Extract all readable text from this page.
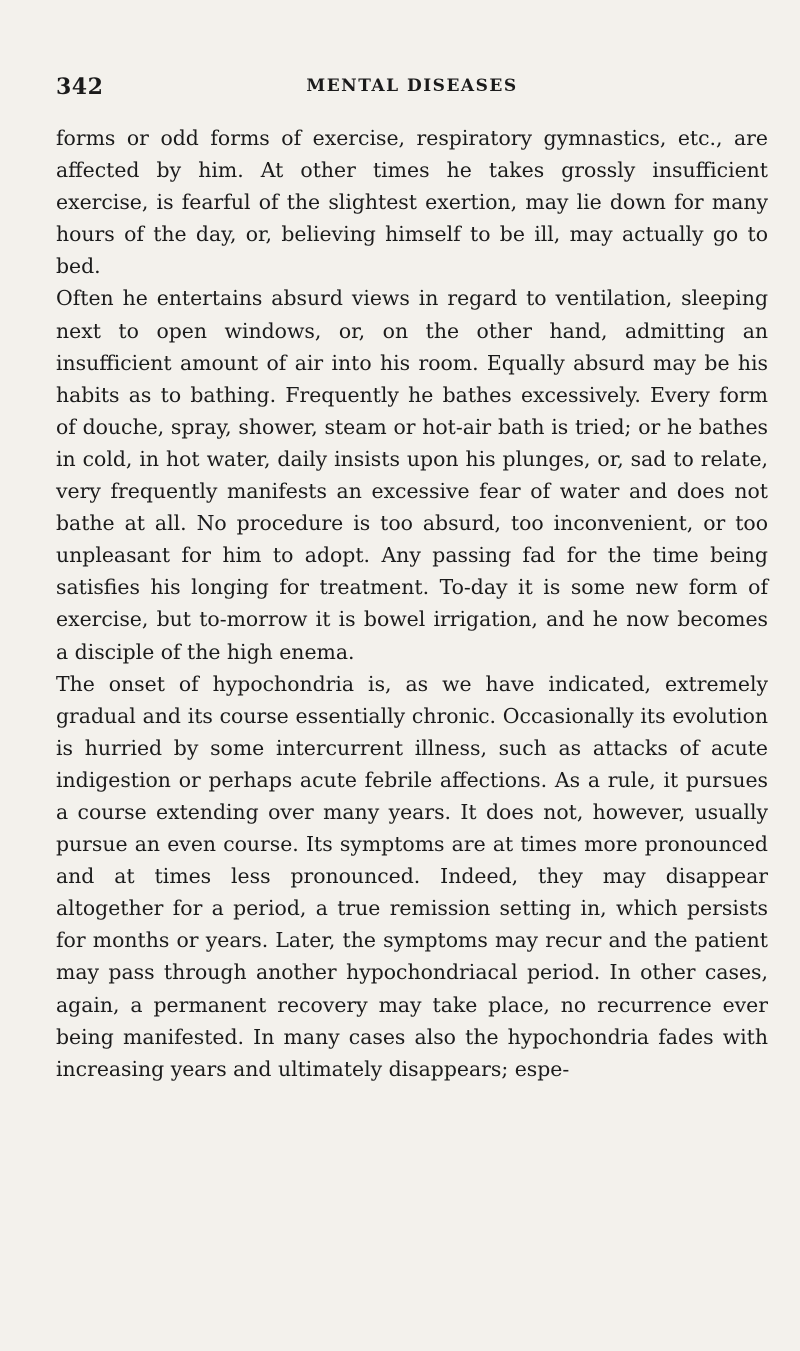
342	MENTAL DISEASES

forms or odd forms of exercise, respiratory gymnastics, etc., are affected by him. At other times he takes grossly insufficient exercise, is fearful of the slightest exertion, may lie down for many hours of the day, or, believing himself to be ill, may actually go to bed.

Often he entertains absurd views in regard to ventilation, sleeping next to open windows, or, on the other hand, admitting an insufficient amount of air into his room. Equally absurd may be his habits as to bathing. Frequently he bathes excessively. Every form of douche, spray, shower, steam or hot-air bath is tried; or he bathes in cold, in hot water, daily insists upon his plunges, or, sad to relate, very frequently manifests an excessive fear of water and does not bathe at all. No procedure is too absurd, too inconvenient, or too unpleasant for him to adopt. Any passing fad for the time being satisfies his longing for treatment. To-day it is some new form of exercise, but to-morrow it is bowel irrigation, and he now becomes a disciple of the high enema.

The onset of hypochondria is, as we have indicated, extremely gradual and its course essentially chronic. Occasionally its evolution is hurried by some intercurrent illness, such as attacks of acute indigestion or perhaps acute febrile affections. As a rule, it pursues a course extending over many years. It does not, however, usually pursue an even course. Its symptoms are at times more pronounced and at times less pronounced. Indeed, they may disappear altogether for a period, a true remission setting in, which persists for months or years. Later, the symptoms may recur and the patient may pass through another hypochondriacal period. In other cases, again, a permanent recovery may take place, no recurrence ever being manifested. In many cases also the hypochondria fades with increasing years and ultimately disappears; espe-
